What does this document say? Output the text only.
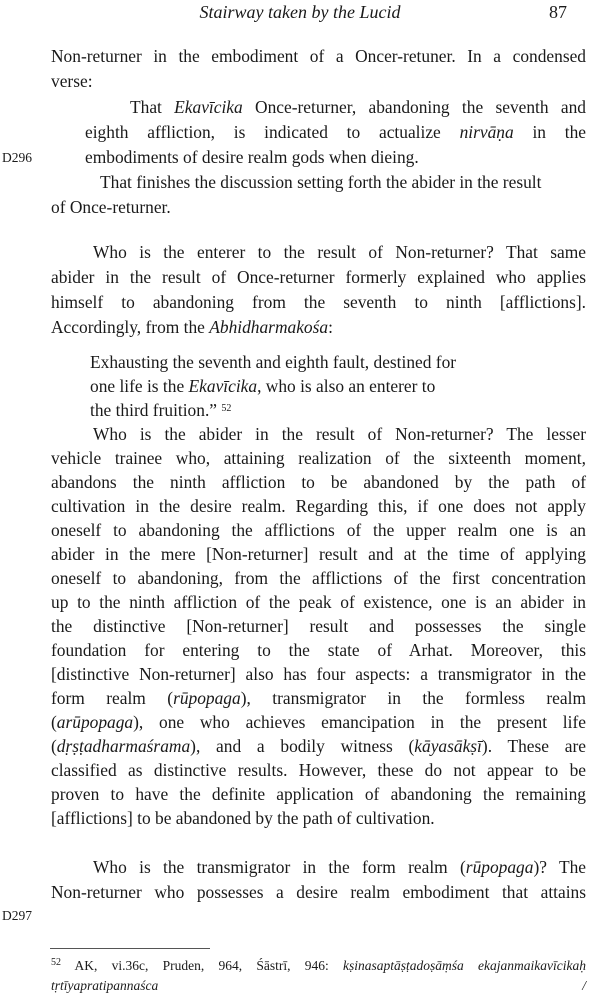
Stairway taken by the Lucid	87
D296
D297
Non-returner in the embodiment of a Oncer-retuner. In a condensed
verse:
That Ekavīcika Once-returner, abandoning the seventh and
eighth affliction, is indicated to actualize nirvāṇa in the
embodiments of desire realm gods when dieing.
That finishes the discussion setting forth the abider in the result
of Once-returner.
Who is the enterer to the result of Non-returner? That same
abider in the result of Once-returner formerly explained who applies
himself to abandoning from the seventh to ninth [afflictions].
Accordingly, from the Abhidharmakośa:
Exhausting the seventh and eighth fault, destined for
one life is the Ekavīcika, who is also an enterer to
the third fruition.” $^{52}$
Who is the abider in the result of Non-returner? The lesser
vehicle trainee who, attaining realization of the sixteenth moment,
abandons the ninth affliction to be abandoned by the path of
cultivation in the desire realm. Regarding this, if one does not apply
oneself to abandoning the afflictions of the upper realm one is an
abider in the mere [Non-returner] result and at the time of applying
oneself to abandoning, from the afflictions of the first concentration
up to the ninth affliction of the peak of existence, one is an abider in
the distinctive [Non-returner] result and possesses the single
foundation for entering to the state of Arhat. Moreover, this
[distinctive Non-returner] also has four aspects: a transmigrator in the
form realm (rūpopaga), transmigrator in the formless realm
(arūpopaga), one who achieves emancipation in the present life
(dṛṣṭadharmaśrama), and a bodily witness (kāyasākṣī). These are
classified as distinctive results. However, these do not appear to be
proven to have the definite application of abandoning the remaining
[afflictions] to be abandoned by the path of cultivation.
Who is the transmigrator in the form realm (rūpopaga)? The
Non-returner who possesses a desire realm embodiment that attains
$^{52}$ AK, vi.36c, Pruden, 964, Śāstrī, 946: kṣinasaptāṣṭadoṣāṃśa ekajanmaikavīcikaḥ
tṛtīyapratipannaśca /
